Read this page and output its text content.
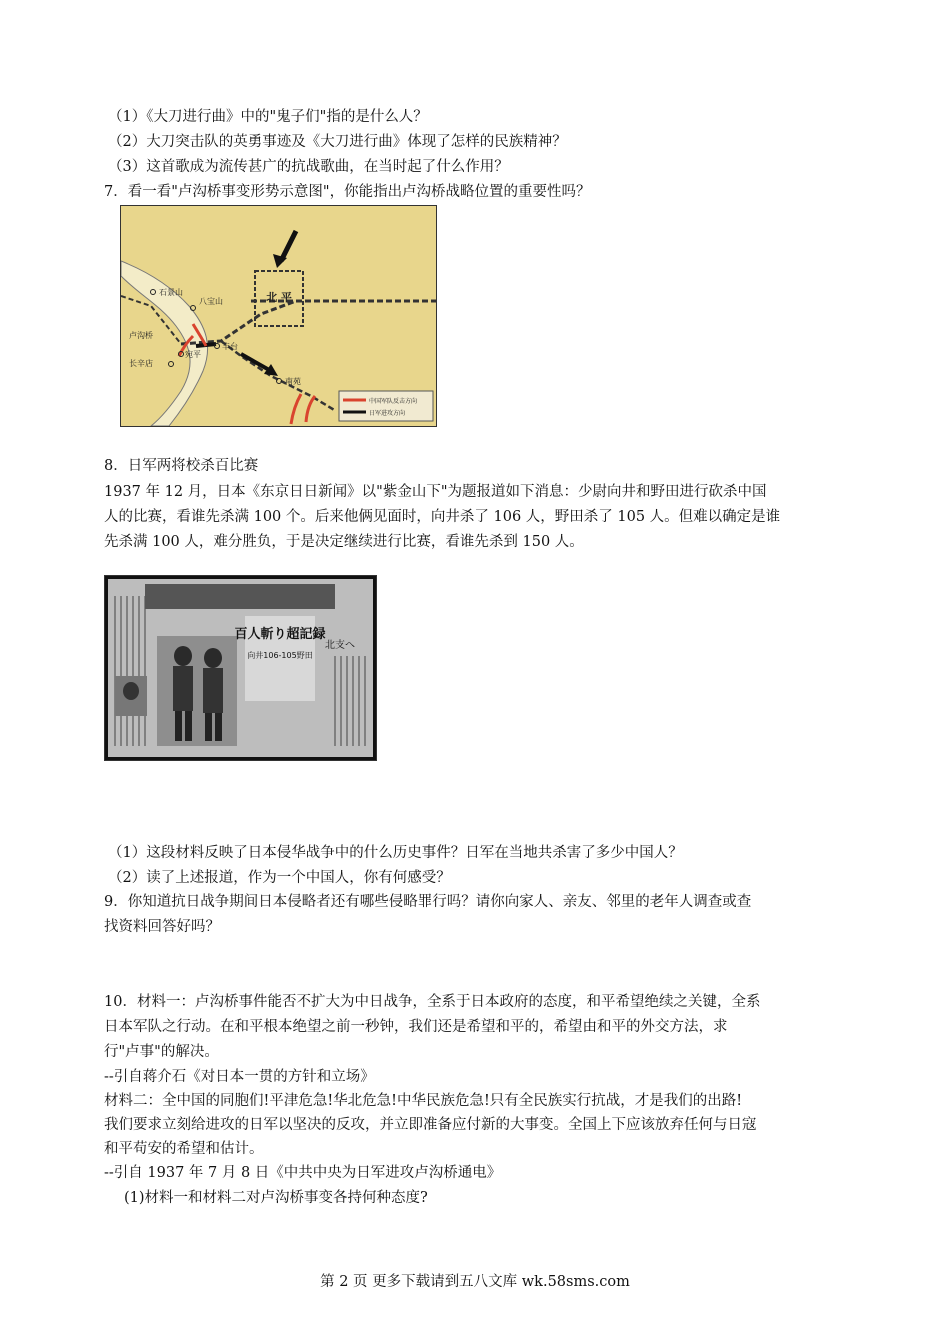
（1）《大刀进行曲》中的"鬼子们"指的是什么人？
（2）大刀突击队的英勇事迹及《大刀进行曲》体现了怎样的民族精神？
（3）这首歌成为流传甚广的抗战歌曲，在当时起了什么作用？
7．看一看"卢沟桥事变形势示意图"，你能指出卢沟桥战略位置的重要性吗？
北 平
石景山
八宝山
卢沟桥
宛平
丰台
长辛店
南苑
中国军队反击方向
日军进攻方向
8．日军两将校杀百比赛
1937 年 12 月，日本《东京日日新闻》以"紫金山下"为题报道如下消息：少尉向井和野田进行砍杀中国
人的比赛，看谁先杀满 100 个。后来他俩见面时，向井杀了 106 人，野田杀了 105 人。但难以确定是谁
先杀满 100 人，难分胜负，于是决定继续进行比赛，看谁先杀到 150 人。
百人斬り超記録
向井106-105野田
北支へ
（1）这段材料反映了日本侵华战争中的什么历史事件？日军在当地共杀害了多少中国人？
（2）读了上述报道，作为一个中国人，你有何感受？
9．你知道抗日战争期间日本侵略者还有哪些侵略罪行吗？请你向家人、亲友、邻里的老年人调查或查
找资料回答好吗？
10．材料一：卢沟桥事件能否不扩大为中日战争，全系于日本政府的态度，和平希望绝续之关键，全系
日本军队之行动。在和平根本绝望之前一秒钟，我们还是希望和平的，希望由和平的外交方法，求
行"卢事"的解决。
--引自蒋介石《对日本一贯的方针和立场》
材料二：全中国的同胞们!平津危急!华北危急!中华民族危急!只有全民族实行抗战，才是我们的出路!
我们要求立刻给进攻的日军以坚决的反攻，并立即准备应付新的大事变。全国上下应该放弃任何与日寇
和平苟安的希望和估计。
--引自 1937 年 7 月 8 日《中共中央为日军进攻卢沟桥通电》
(1)材料一和材料二对卢沟桥事变各持何种态度?
第 2 页 更多下载请到五八文库 wk.58sms.com
